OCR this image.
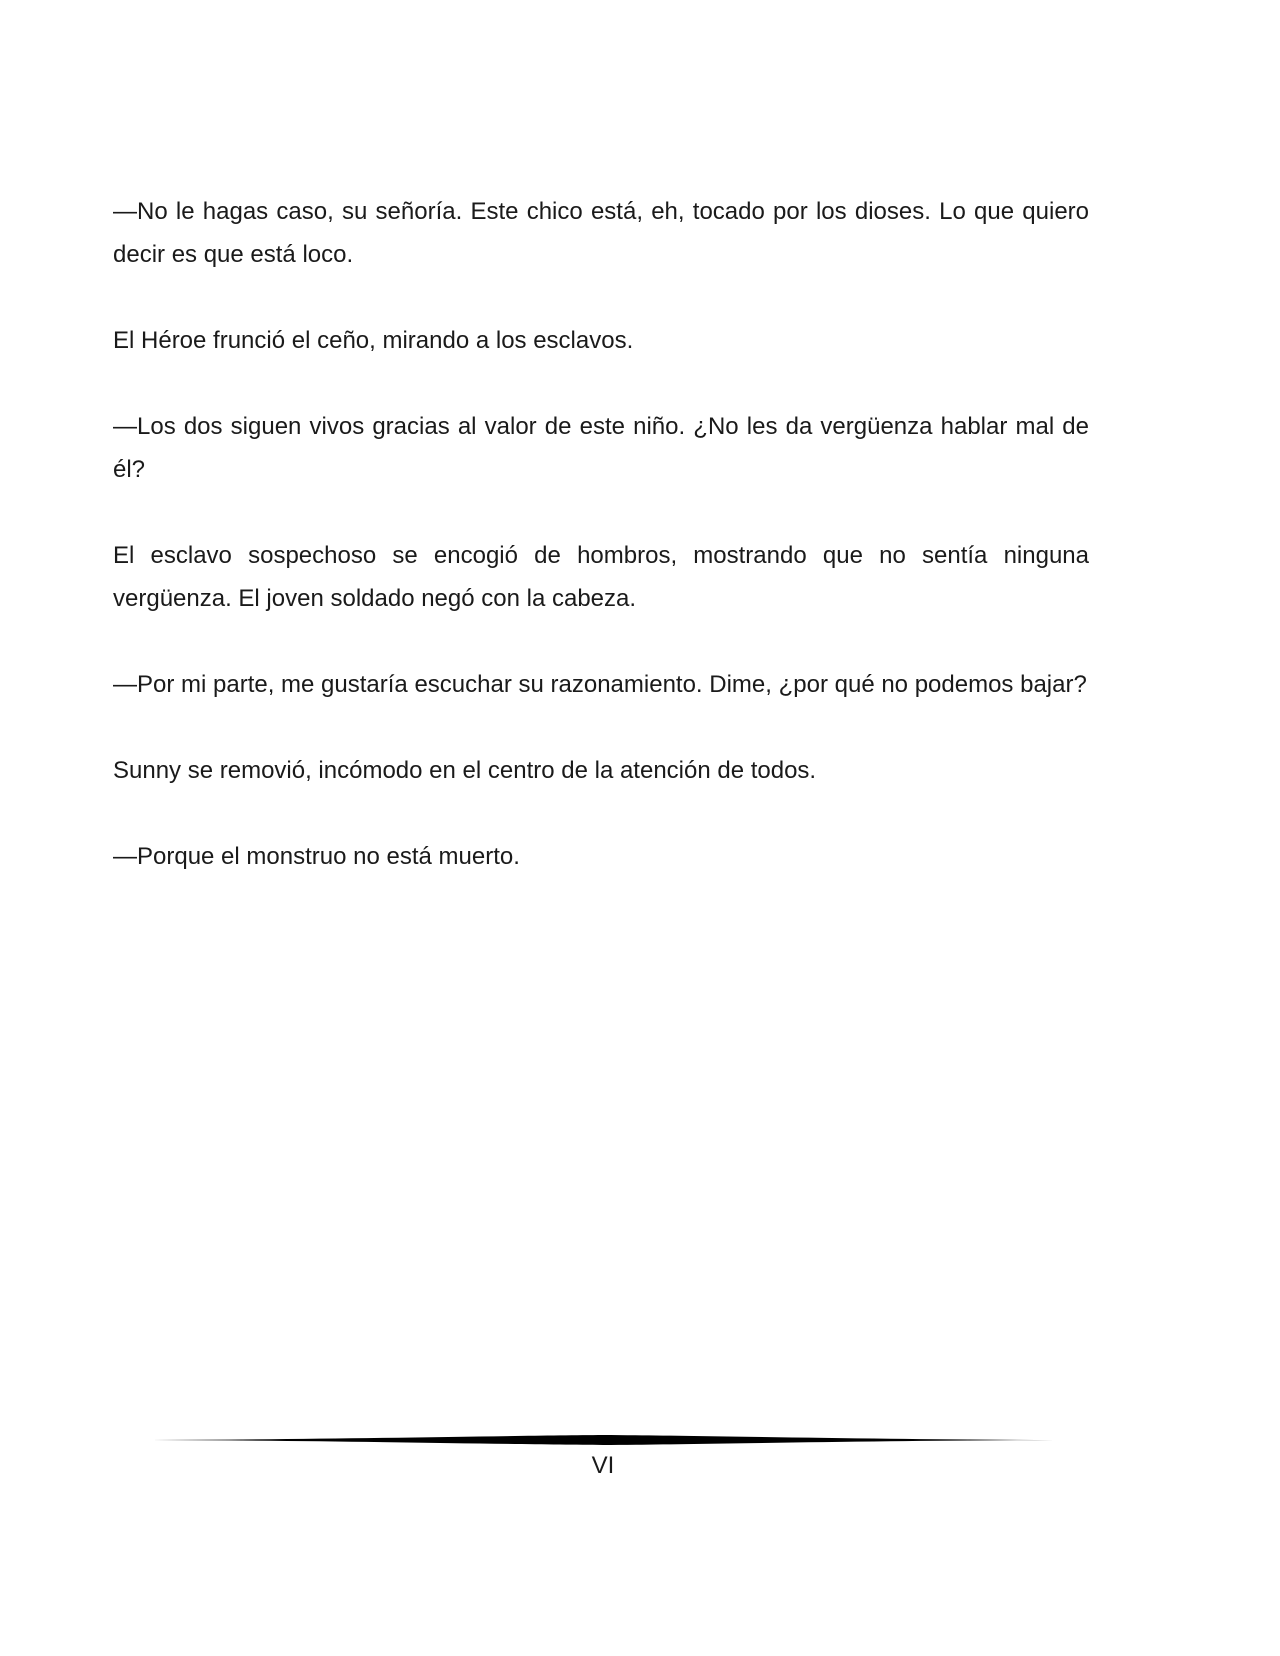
—No le hagas caso, su señoría. Este chico está, eh, tocado por los dioses. Lo que quiero decir es que está loco.

El Héroe frunció el ceño, mirando a los esclavos.

—Los dos siguen vivos gracias al valor de este niño. ¿No les da vergüenza hablar mal de él?

El esclavo sospechoso se encogió de hombros, mostrando que no sentía ninguna vergüenza. El joven soldado negó con la cabeza.

—Por mi parte, me gustaría escuchar su razonamiento. Dime, ¿por qué no podemos bajar?

Sunny se removió, incómodo en el centro de la atención de todos.

—Porque el monstruo no está muerto.

VI
